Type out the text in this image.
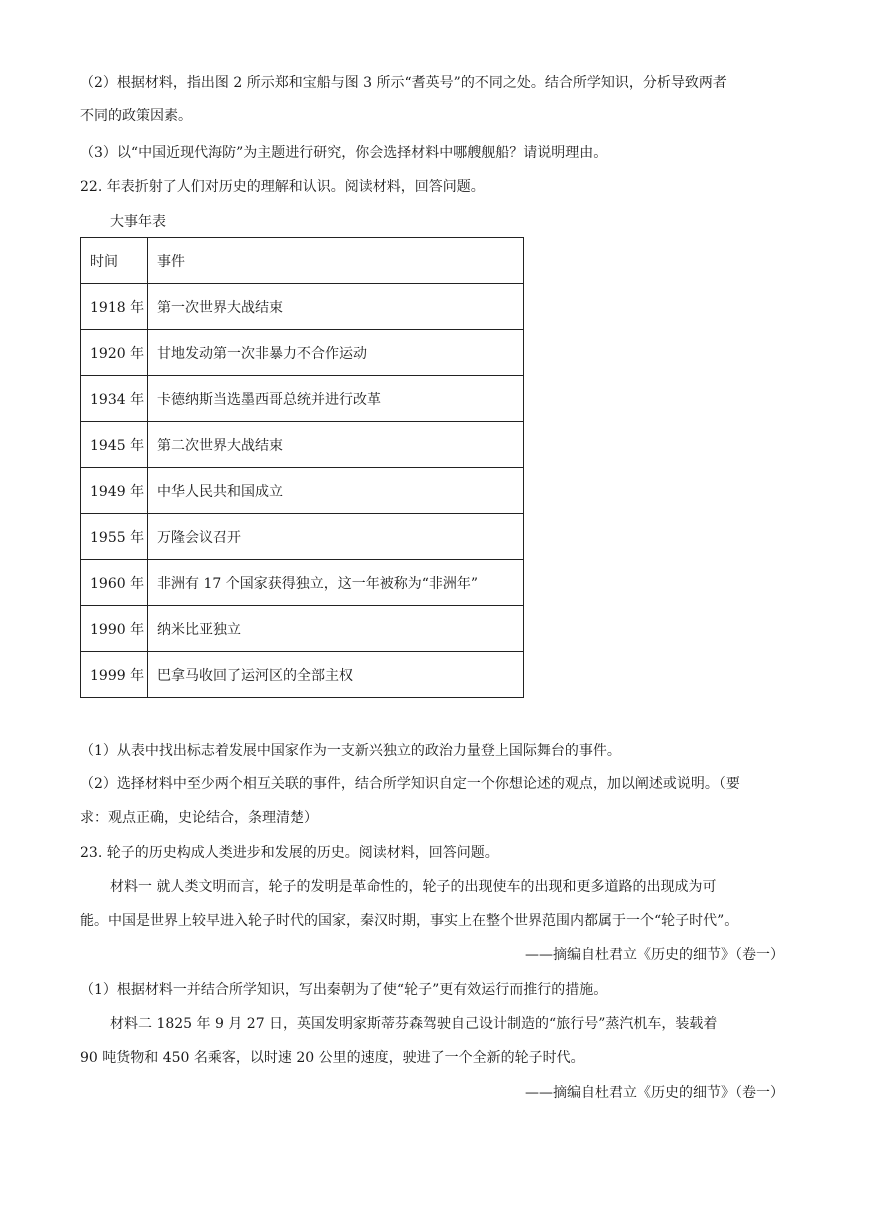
（2）根据材料，指出图 2 所示郑和宝船与图 3 所示“耆英号”的不同之处。结合所学知识，分析导致两者
不同的政策因素。
（3）以“中国近现代海防”为主题进行研究，你会选择材料中哪艘舰船？请说明理由。
22. 年表折射了人们对历史的理解和认识。阅读材料，回答问题。
大事年表
时间	事件
1918 年	第一次世界大战结束
1920 年	甘地发动第一次非暴力不合作运动
1934 年	卡德纳斯当选墨西哥总统并进行改革
1945 年	第二次世界大战结束
1949 年	中华人民共和国成立
1955 年	万隆会议召开
1960 年	非洲有 17 个国家获得独立，这一年被称为“非洲年”
1990 年	纳米比亚独立
1999 年	巴拿马收回了运河区的全部主权
（1）从表中找出标志着发展中国家作为一支新兴独立的政治力量登上国际舞台的事件。
（2）选择材料中至少两个相互关联的事件，结合所学知识自定一个你想论述的观点，加以阐述或说明。（要
求：观点正确，史论结合，条理清楚）
23. 轮子的历史构成人类进步和发展的历史。阅读材料，回答问题。
材料一 就人类文明而言，轮子的发明是革命性的，轮子的出现使车的出现和更多道路的出现成为可
能。中国是世界上较早进入轮子时代的国家，秦汉时期，事实上在整个世界范围内都属于一个“轮子时代”。
——摘编自杜君立《历史的细节》（卷一）
（1）根据材料一并结合所学知识，写出秦朝为了使“轮子”更有效运行而推行的措施。
材料二 1825 年 9 月 27 日，英国发明家斯蒂芬森驾驶自己设计制造的“旅行号”蒸汽机车，装载着
90 吨货物和 450 名乘客，以时速 20 公里的速度，驶进了一个全新的轮子时代。
——摘编自杜君立《历史的细节》（卷一）
